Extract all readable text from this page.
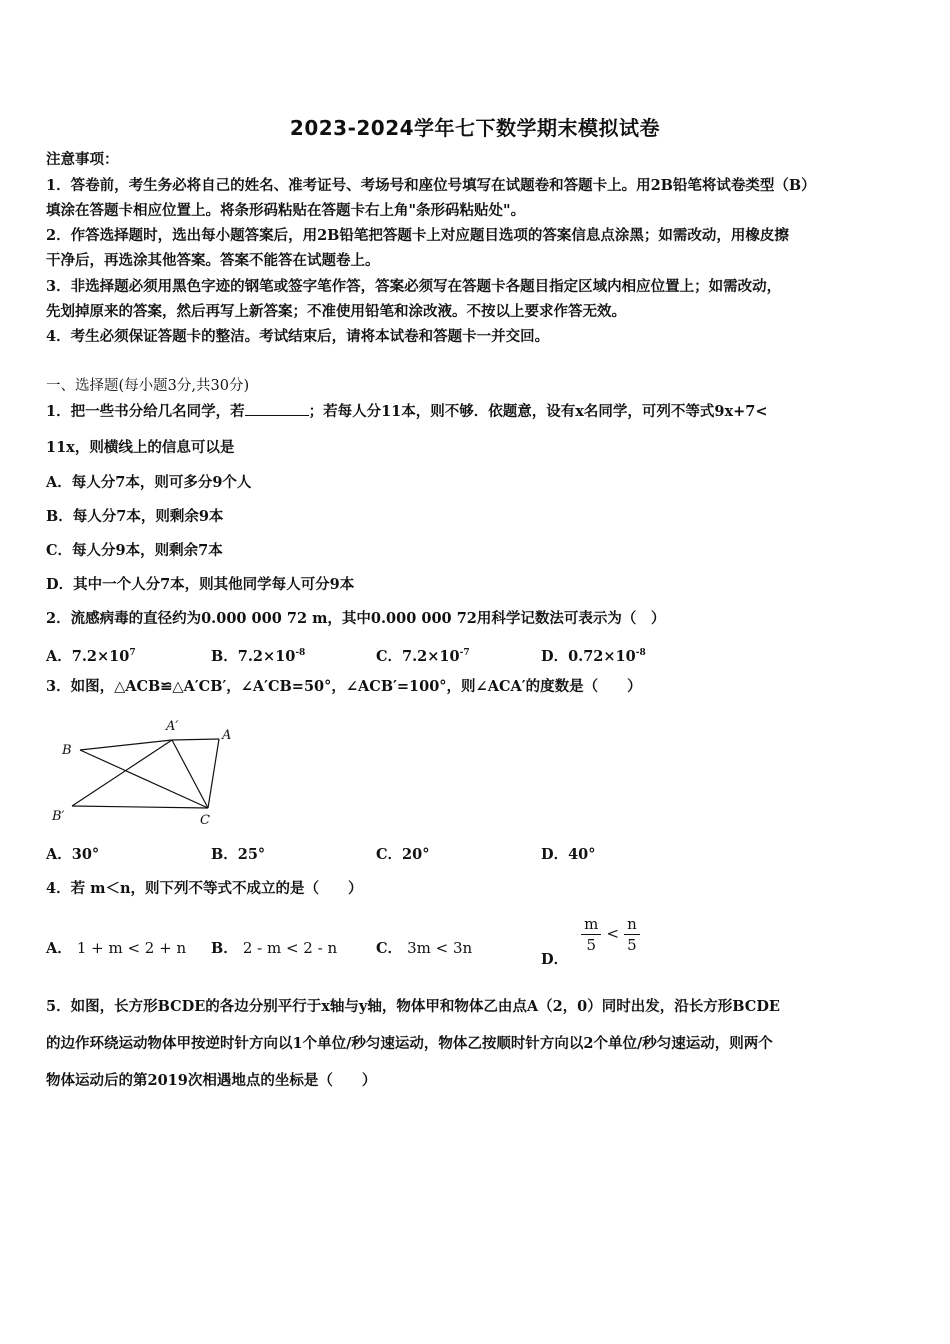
2023-2024学年七下数学期末模拟试卷
注意事项：
1．答卷前，考生务必将自己的姓名、准考证号、考场号和座位号填写在试题卷和答题卡上。用2B铅笔将试卷类型（B）
填涂在答题卡相应位置上。将条形码粘贴在答题卡右上角"条形码粘贴处"。
2．作答选择题时，选出每小题答案后，用2B铅笔把答题卡上对应题目选项的答案信息点涂黑；如需改动，用橡皮擦
干净后，再选涂其他答案。答案不能答在试题卷上。
3．非选择题必须用黑色字迹的钢笔或签字笔作答，答案必须写在答题卡各题目指定区域内相应位置上；如需改动，
先划掉原来的答案，然后再写上新答案；不准使用铅笔和涂改液。不按以上要求作答无效。
4．考生必须保证答题卡的整洁。考试结束后，请将本试卷和答题卡一并交回。
一、选择题(每小题3分,共30分)
1．把一些书分给几名同学，若	；若每人分11本，则不够．依题意，设有x名同学，可列不等式9x+7<
11x，则横线上的信息可以是
A．每人分7本，则可多分9个人
B．每人分7本，则剩余9本
C．每人分9本，则剩余7本
D．其中一个人分7本，则其他同学每人可分9本
2．流感病毒的直径约为0.000 000 72 m，其中0.000 000 72用科学记数法可表示为（　）
A．$7.2\times 10^7$	B．$7.2\times 10^{-8}$	C．$7.2\times 10^{-7}$	D．$0.72\times 10^{-8}$
3．如图，△ACB≌△A′CB′，∠A′CB=50°，∠ACB′=100°，则∠ACA′的度数是（　　）
B
A′
A
B′	C
A．30°	B．25°	C．20°	D．40°
4．若 m＜n，则下列不等式不成立的是（　　）
A． 1 + m < 2 + n B． 2 - m < 2 - n	C． 3m < 3n
D．
$\frac{m}{5} < \frac{n}{5}$
5．如图，长方形BCDE的各边分别平行于x轴与y轴，物体甲和物体乙由点A（2，0）同时出发，沿长方形BCDE
的边作环绕运动物体甲按逆时针方向以1个单位/秒匀速运动，物体乙按顺时针方向以2个单位/秒匀速运动，则两个
物体运动后的第2019次相遇地点的坐标是（　　）
